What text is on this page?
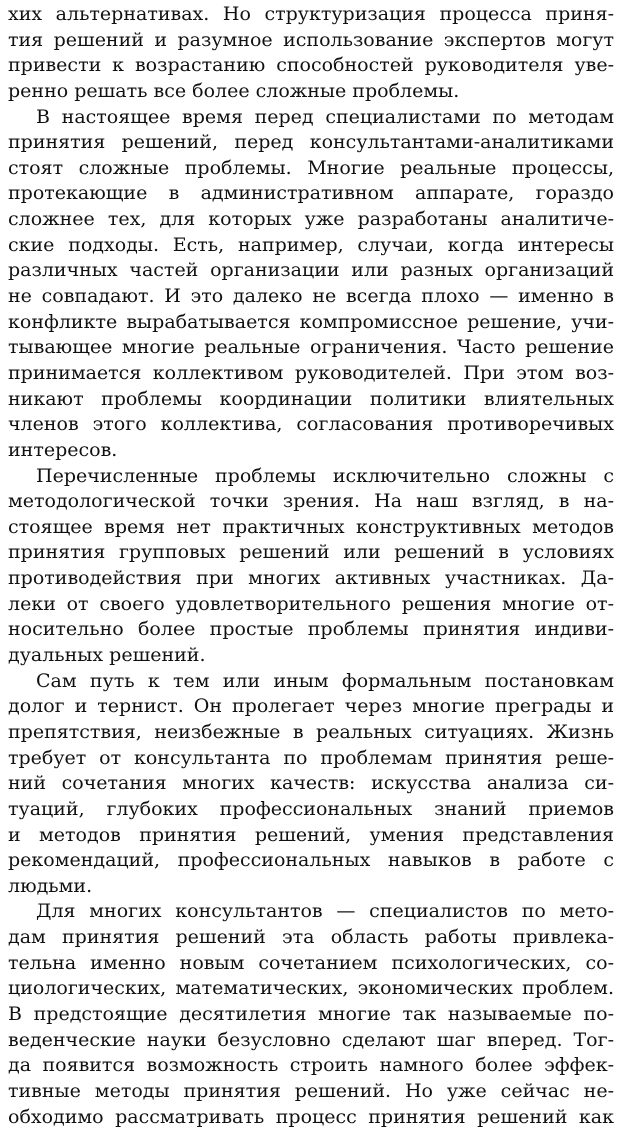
хих альтернативах. Но структуризация процесса приня-
тия решений и разумное использование экспертов могут
привести к возрастанию способностей руководителя уве-
ренно решать все более сложные проблемы.
В настоящее время перед специалистами по методам
принятия решений, перед консультантами-аналитиками
стоят сложные проблемы. Многие реальные процессы,
протекающие в административном аппарате, гораздо
сложнее тех, для которых уже разработаны аналитиче-
ские подходы. Есть, например, случаи, когда интересы
различных частей организации или разных организаций
не совпадают. И это далеко не всегда плохо — именно в
конфликте вырабатывается компромиссное решение, учи-
тывающее многие реальные ограничения. Часто решение
принимается коллективом руководителей. При этом воз-
никают проблемы координации политики влиятельных
членов этого коллектива, согласования противоречивых
интересов.
Перечисленные проблемы исключительно сложны с
методологической точки зрения. На наш взгляд, в на-
стоящее время нет практичных конструктивных методов
принятия групповых решений или решений в условиях
противодействия при многих активных участниках. Да-
леки от своего удовлетворительного решения многие от-
носительно более простые проблемы принятия индиви-
дуальных решений.
Сам путь к тем или иным формальным постановкам
долог и тернист. Он пролегает через многие преграды и
препятствия, неизбежные в реальных ситуациях. Жизнь
требует от консультанта по проблемам принятия реше-
ний сочетания многих качеств: искусства анализа си-
туаций, глубоких профессиональных знаний приемов
и методов принятия решений, умения представления
рекомендаций, профессиональных навыков в работе с
людьми.
Для многих консультантов — специалистов по мето-
дам принятия решений эта область работы привлека-
тельна именно новым сочетанием психологических, со-
циологических, математических, экономических проблем.
В предстоящие десятилетия многие так называемые по-
веденческие науки безусловно сделают шаг вперед. Тог-
да появится возможность строить намного более эффек-
тивные методы принятия решений. Но уже сейчас не-
обходимо рассматривать процесс принятия решений как
